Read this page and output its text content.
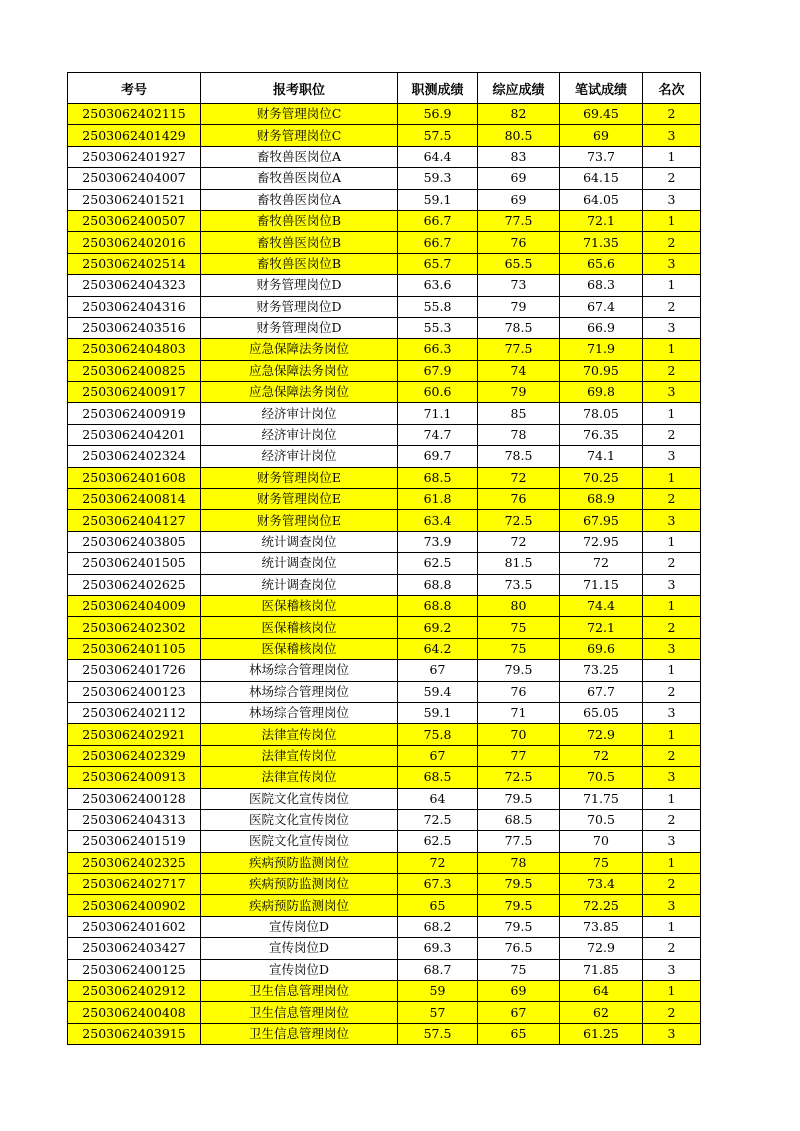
考号	报考职位	职测成绩	综应成绩	笔试成绩	名次
2503062402115	财务管理岗位C	56.9	82	69.45	2
2503062401429	财务管理岗位C	57.5	80.5	69	3
2503062401927	畜牧兽医岗位A	64.4	83	73.7	1
2503062404007	畜牧兽医岗位A	59.3	69	64.15	2
2503062401521	畜牧兽医岗位A	59.1	69	64.05	3
2503062400507	畜牧兽医岗位B	66.7	77.5	72.1	1
2503062402016	畜牧兽医岗位B	66.7	76	71.35	2
2503062402514	畜牧兽医岗位B	65.7	65.5	65.6	3
2503062404323	财务管理岗位D	63.6	73	68.3	1
2503062404316	财务管理岗位D	55.8	79	67.4	2
2503062403516	财务管理岗位D	55.3	78.5	66.9	3
2503062404803	应急保障法务岗位	66.3	77.5	71.9	1
2503062400825	应急保障法务岗位	67.9	74	70.95	2
2503062400917	应急保障法务岗位	60.6	79	69.8	3
2503062400919	经济审计岗位	71.1	85	78.05	1
2503062404201	经济审计岗位	74.7	78	76.35	2
2503062402324	经济审计岗位	69.7	78.5	74.1	3
2503062401608	财务管理岗位E	68.5	72	70.25	1
2503062400814	财务管理岗位E	61.8	76	68.9	2
2503062404127	财务管理岗位E	63.4	72.5	67.95	3
2503062403805	统计调查岗位	73.9	72	72.95	1
2503062401505	统计调查岗位	62.5	81.5	72	2
2503062402625	统计调查岗位	68.8	73.5	71.15	3
2503062404009	医保稽核岗位	68.8	80	74.4	1
2503062402302	医保稽核岗位	69.2	75	72.1	2
2503062401105	医保稽核岗位	64.2	75	69.6	3
2503062401726	林场综合管理岗位	67	79.5	73.25	1
2503062400123	林场综合管理岗位	59.4	76	67.7	2
2503062402112	林场综合管理岗位	59.1	71	65.05	3
2503062402921	法律宣传岗位	75.8	70	72.9	1
2503062402329	法律宣传岗位	67	77	72	2
2503062400913	法律宣传岗位	68.5	72.5	70.5	3
2503062400128	医院文化宣传岗位	64	79.5	71.75	1
2503062404313	医院文化宣传岗位	72.5	68.5	70.5	2
2503062401519	医院文化宣传岗位	62.5	77.5	70	3
2503062402325	疾病预防监测岗位	72	78	75	1
2503062402717	疾病预防监测岗位	67.3	79.5	73.4	2
2503062400902	疾病预防监测岗位	65	79.5	72.25	3
2503062401602	宣传岗位D	68.2	79.5	73.85	1
2503062403427	宣传岗位D	69.3	76.5	72.9	2
2503062400125	宣传岗位D	68.7	75	71.85	3
2503062402912	卫生信息管理岗位	59	69	64	1
2503062400408	卫生信息管理岗位	57	67	62	2
2503062403915	卫生信息管理岗位	57.5	65	61.25	3
